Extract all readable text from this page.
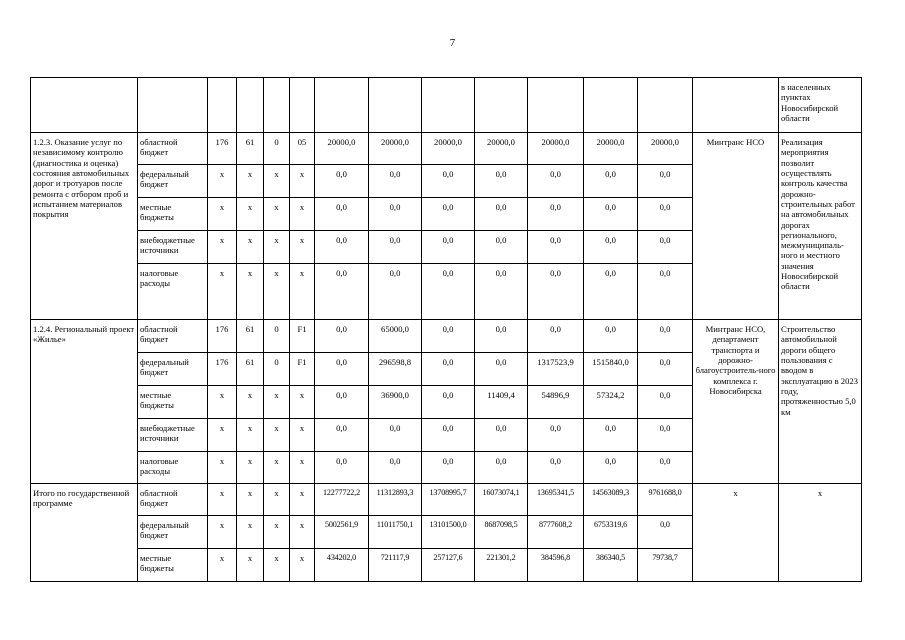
7
														в населенных пунктах Новосибирской области
1.2.3. Оказание услуг по независимому контролю (диагностика и оценка) состояния автомобильных дорог и тротуаров после ремонта с отбором проб и испытанием материалов покрытия	областной бюджет	176	61	0	05	20000,0	20000,0	20000,0	20000,0	20000,0	20000,0	20000,0	Минтранс НСО	Реализация мероприятия позволит осуществлять контроль качества дорожно-строительных работ на автомобильных дорогах регионального, межмуниципаль-ного и местного значения Новосибирской области
	федеральный бюджет	x	x	x	x	0,0	0,0	0,0	0,0	0,0	0,0	0,0		
	местные бюджеты	x	x	x	x	0,0	0,0	0,0	0,0	0,0	0,0	0,0		
	внебюджетные источники	x	x	x	x	0,0	0,0	0,0	0,0	0,0	0,0	0,0		
	налоговые расходы	x	x	x	x	0,0	0,0	0,0	0,0	0,0	0,0	0,0		
1.2.4. Региональный проект «Жилье»	областной бюджет	176	61	0	F1	0,0	65000,0	0,0	0,0	0,0	0,0	0,0	Минтранс НСО, департамент транспорта и дорожно-благоустроитель-ного комплекса г. Новосибирска	Строительство автомобильной дороги общего пользования с вводом в эксплуатацию в 2023 году, протяженностью 5,0 км
	федеральный бюджет	176	61	0	F1	0,0	296598,8	0,0	0,0	1317523,9	1515840,0	0,0		
	местные бюджеты	x	x	x	x	0,0	36900,0	0,0	11409,4	54896,9	57324,2	0,0		
	внебюджетные источники	x	x	x	x	0,0	0,0	0,0	0,0	0,0	0,0	0,0		
	налоговые расходы	x	x	x	x	0,0	0,0	0,0	0,0	0,0	0,0	0,0		
Итого по государственной программе	областной бюджет	x	x	x	x	12277722,2	11312893,3	13708995,7	16073074,1	13695341,5	14563089,3	9761688,0	x	x
	федеральный бюджет	x	x	x	x	5002561,9	11011750,1	13101500,0	8687098,5	8777608,2	6753319,6	0,0		
	местные бюджеты	x	x	x	x	434202,0	721117,9	257127,6	221301,2	384596,8	386340,5	79738,7		
